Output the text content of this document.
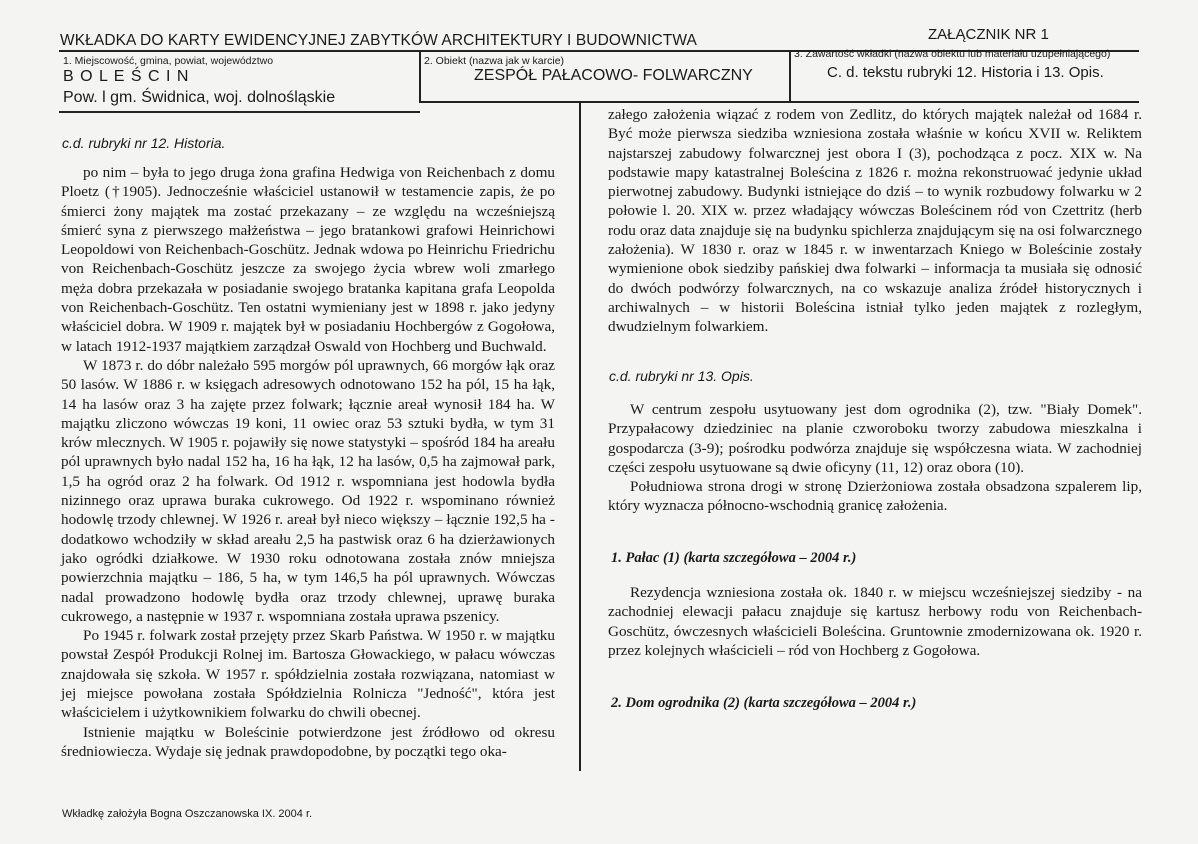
ZAŁĄCZNIK NR 1
WKŁADKA DO KARTY EWIDENCYJNEJ ZABYTKÓW ARCHITEKTURY I BUDOWNICTWA
1. Miejscowość, gmina, powiat, województwo
B O L E Ś C I N
Pow. l gm. Świdnica, woj. dolnośląskie
2. Obiekt (nazwa jak w karcie)
ZESPÓŁ PAŁACOWO- FOLWARCZNY
3. Zawartość wkładki (nazwa obiektu lub materiału uzupełniającego)
C. d. tekstu rubryki 12. Historia i 13. Opis.
c.d. rubryki nr 12. Historia.

po nim – była to jego druga żona grafina Hedwiga von Reichenbach z domu Ploetz (†1905). Jednocześnie właściciel ustanowił w testamencie zapis, że po śmierci żony majątek ma zostać przekazany – ze względu na wcześniejszą śmierć syna z pierwszego małżeństwa – jego bratankowi grafowi Heinrichowi Leopoldowi von Reichenbach-Goschütz. Jednak wdowa po Heinrichu Friedrichu von Reichenbach-Goschütz jeszcze za swojego życia wbrew woli zmarłego męża dobra przekazała w posiadanie swojego bratanka kapitana grafa Leopolda von Reichenbach-Goschütz. Ten ostatni wymieniany jest w 1898 r. jako jedyny właściciel dobra. W 1909 r. majątek był w posiadaniu Hochbergów z Gogołowa, w latach 1912-1937 majątkiem zarządzał Oswald von Hochberg und Buchwald.

W 1873 r. do dóbr należało 595 morgów pól uprawnych, 66 morgów łąk oraz 50 lasów. W 1886 r. w księgach adresowych odnotowano 152 ha pól, 15 ha łąk, 14 ha lasów oraz 3 ha zajęte przez folwark; łącznie areał wynosił 184 ha. W majątku zliczono wówczas 19 koni, 11 owiec oraz 53 sztuki bydła, w tym 31 krów mlecznych. W 1905 r. pojawiły się nowe statystyki – spośród 184 ha areału pól uprawnych było nadal 152 ha, 16 ha łąk, 12 ha lasów, 0,5 ha zajmował park, 1,5 ha ogród oraz 2 ha folwark. Od 1912 r. wspomniana jest hodowla bydła nizinnego oraz uprawa buraka cukrowego. Od 1922 r. wspominano również hodowlę trzody chlewnej. W 1926 r. areał był nieco większy – łącznie 192,5 ha - dodatkowo wchodziły w skład areału 2,5 ha pastwisk oraz 6 ha dzierżawionych jako ogródki działkowe. W 1930 roku odnotowana została znów mniejsza powierzchnia majątku – 186, 5 ha, w tym 146,5 ha pól uprawnych. Wówczas nadal prowadzono hodowlę bydła oraz trzody chlewnej, uprawę buraka cukrowego, a następnie w 1937 r. wspomniana została uprawa pszenicy.

Po 1945 r. folwark został przejęty przez Skarb Państwa. W 1950 r. w majątku powstał Zespół Produkcji Rolnej im. Bartosza Głowackiego, w pałacu wówczas znajdowała się szkoła. W 1957 r. spółdzielnia została rozwiązana, natomiast w jej miejsce powołana została Spółdzielnia Rolnicza "Jedność", która jest właścicielem i użytkownikiem folwarku do chwili obecnej.

Istnienie majątku w Boleścinie potwierdzone jest źródłowo od okresu średniowiecza. Wydaje się jednak prawdopodobne, by początki tego oka-

Wkładkę założyła Bogna Oszczanowska IX. 2004 r.

załego założenia wiązać z rodem von Zedlitz, do których majątek należał od 1684 r. Być może pierwsza siedziba wzniesiona została właśnie w końcu XVII w. Reliktem najstarszej zabudowy folwarcznej jest obora I (3), pochodząca z pocz. XIX w. Na podstawie mapy katastralnej Boleścina z 1826 r. można rekonstruować jedynie układ pierwotnej zabudowy. Budynki istniejące do dziś – to wynik rozbudowy folwarku w 2 połowie l. 20. XIX w. przez władający wówczas Boleścinem ród von Czettritz (herb rodu oraz data znajduje się na budynku spichlerza znajdującym się na osi folwarcznego założenia). W 1830 r. oraz w 1845 r. w inwentarzach Kniego w Boleścinie zostały wymienione obok siedziby pańskiej dwa folwarki – informacja ta musiała się odnosić do dwóch podwórzy folwarcznych, na co wskazuje analiza źródeł historycznych i archiwalnych – w historii Boleścina istniał tylko jeden majątek z rozległym, dwudzielnym folwarkiem.

c.d. rubryki nr 13. Opis.

W centrum zespołu usytuowany jest dom ogrodnika (2), tzw. "Biały Domek". Przypałacowy dziedziniec na planie czworoboku tworzy zabudowa mieszkalna i gospodarcza (3-9); pośrodku podwórza znajduje się współczesna wiata. W zachodniej części zespołu usytuowane są dwie oficyny (11, 12) oraz obora (10).

Południowa strona drogi w stronę Dzierżoniowa została obsadzona szpalerem lip, który wyznacza północno-wschodnią granicę założenia.

1. Pałac (1) (karta szczegółowa – 2004 r.)

Rezydencja wzniesiona została ok. 1840 r. w miejscu wcześniejszej siedziby - na zachodniej elewacji pałacu znajduje się kartusz herbowy rodu von Reichenbach-Goschütz, ówczesnych właścicieli Boleścina. Gruntownie zmodernizowana ok. 1920 r. przez kolejnych właścicieli – ród von Hochberg z Gogołowa.

2. Dom ogrodnika (2) (karta szczegółowa – 2004 r.)
